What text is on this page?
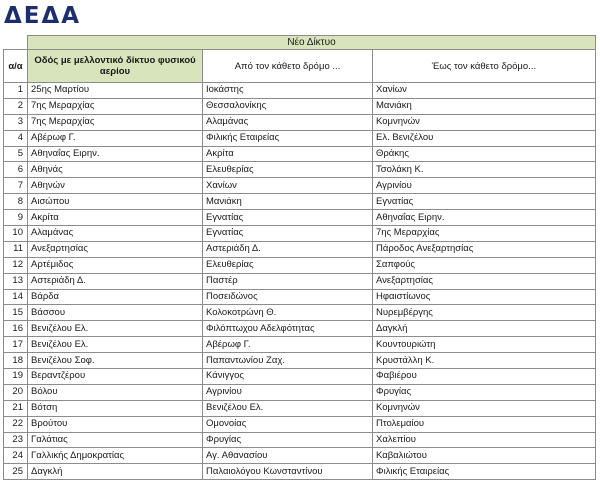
ΔΕΔΑ
	Νέο Δίκτυο		
α/α	Οδός με μελλοντικό δίκτυο φυσικού αερίου	Από τον κάθετο δρόμο ...	Έως τον κάθετο δρόμο...
1	25ης Μαρτίου	Ιοκάστης	Χανίων
2	7ης Μεραρχίας	Θεσσαλονίκης	Μανιάκη
3	7ης Μεραρχίας	Αλαμάνας	Κομνηνών
4	Αβέρωφ Γ.	Φιλικής Εταιρείας	Ελ. Βενιζέλου
5	Αθηναΐας Ειρην.	Ακρίτα	Θράκης
6	Αθηνάς	Ελευθερίας	Τσολάκη Κ.
7	Αθηνών	Χανίων	Αγρινίου
8	Αισώπου	Μανιάκη	Εγνατίας
9	Ακρίτα	Εγνατίας	Αθηναΐας Ειρην.
10	Αλαμάνας	Εγνατίας	7ης Μεραρχίας
11	Ανεξαρτησίας	Αστεριάδη Δ.	Πάροδος Ανεξαρτησίας
12	Αρτέμιδος	Ελευθερίας	Σαπφούς
13	Αστεριάδη Δ.	Παστέρ	Ανεξαρτησίας
14	Βάρδα	Ποσειδώνος	Ηφαιστίωνος
15	Βάσσου	Κολοκοτρώνη Θ.	Νυρεμβέργης
16	Βενιζέλου Ελ.	Φιλόπτωχου Αδελφότητας	Δαγκλή
17	Βενιζέλου Ελ.	Αβέρωφ Γ.	Κουντουριώτη
18	Βενιζέλου Σοφ.	Παπαντωνίου Ζαχ.	Κρυστάλλη Κ.
19	Βεραντζέρου	Κάνιγγος	Φαβιέρου
20	Βόλου	Αγρινίου	Φρυγίας
21	Βότση	Βενιζέλου Ελ.	Κομνηνών
22	Βρούτου	Ομονοίας	Πτολεμαίου
23	Γαλάτιας	Φρυγίας	Χαλεπίου
24	Γαλλικής Δημοκρατίας	Αγ. Αθανασίου	Καβαλιώτου
25	Δαγκλή	Παλαιολόγου Κωνσταντίνου	Φιλικής Εταιρείας
